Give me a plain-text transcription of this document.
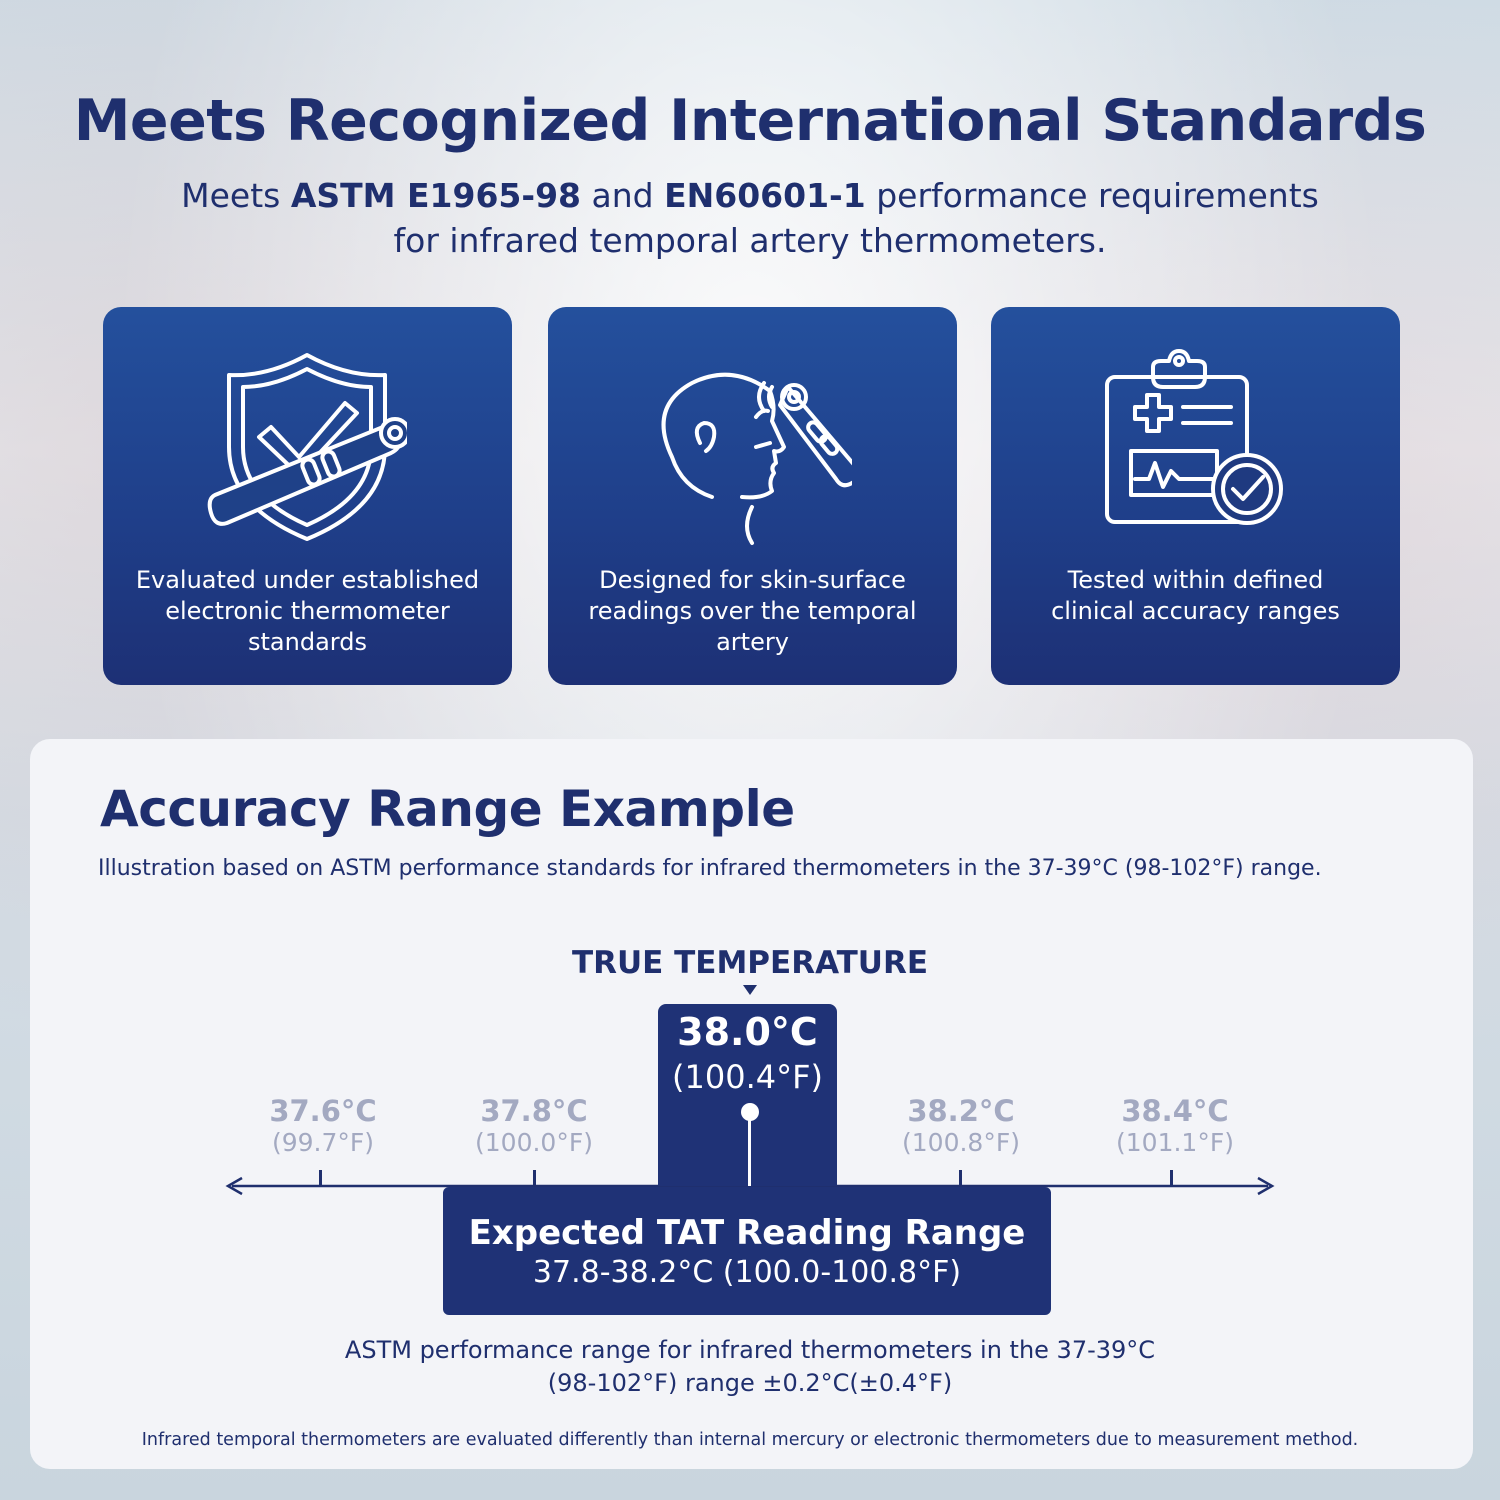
Meets Recognized International Standards
Meets ASTM E1965-98 and EN60601-1 performance requirements
for infrared temporal artery thermometers.
Evaluated under established
electronic thermometer
standards
Designed for skin-surface
readings over the temporal
artery
Tested within defined
clinical accuracy ranges
Accuracy Range Example
Illustration based on ASTM performance standards for infrared thermometers in the 37-39°C (98-102°F) range.
TRUE TEMPERATURE
38.0°C
(100.4°F)
37.6°C
(99.7°F)
37.8°C
(100.0°F)
38.2°C
(100.8°F)
38.4°C
(101.1°F)
Expected TAT Reading Range
37.8-38.2°C (100.0-100.8°F)
ASTM performance range for infrared thermometers in the 37-39°C
(98-102°F) range ±0.2°C(±0.4°F)
Infrared temporal thermometers are evaluated differently than internal mercury or electronic thermometers due to measurement method.
